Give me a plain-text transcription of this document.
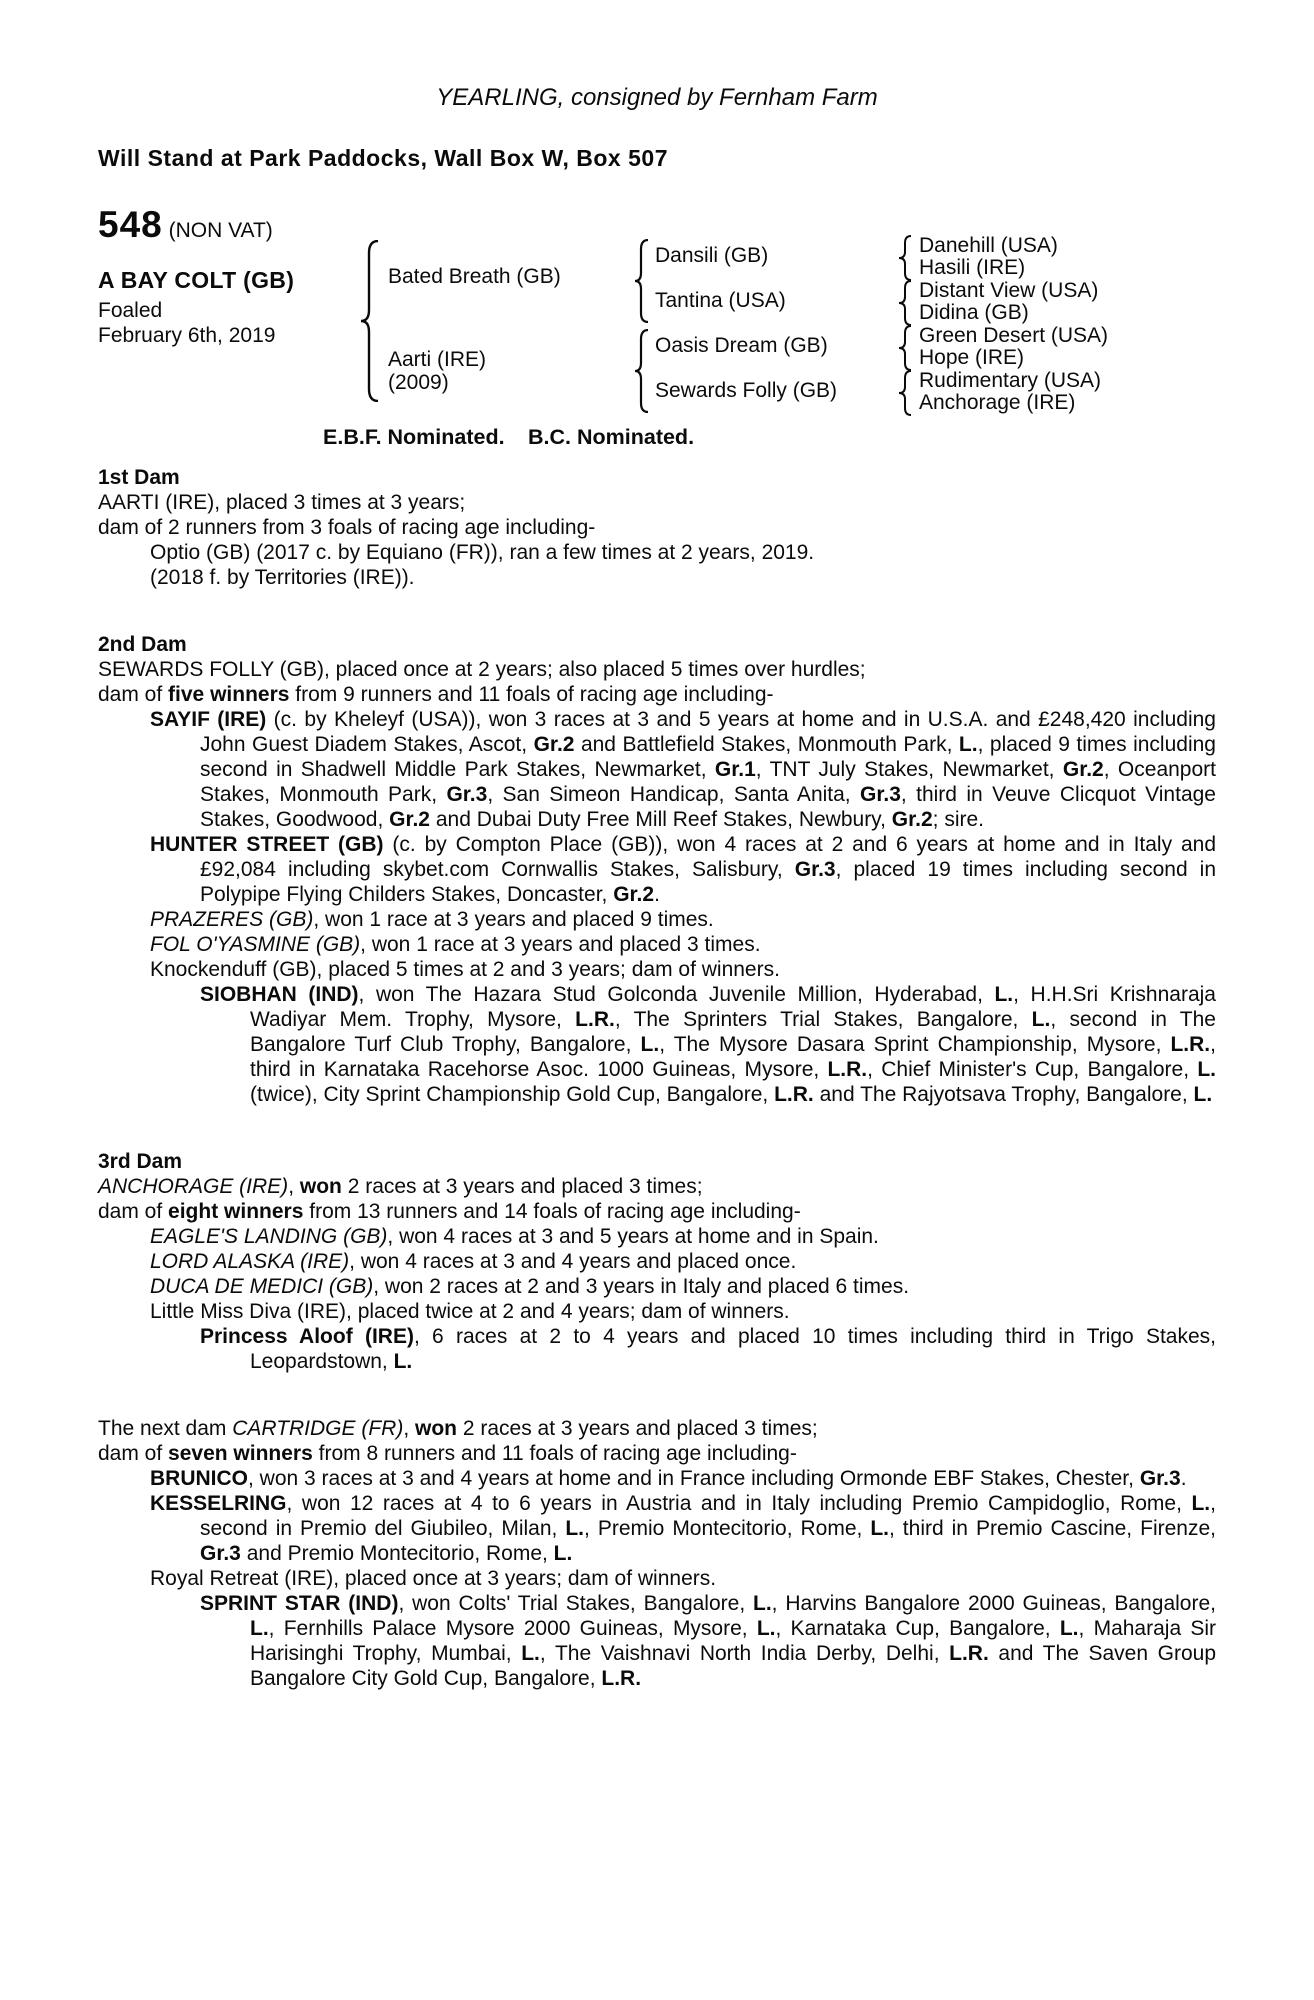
YEARLING, consigned by Fernham Farm
Will Stand at Park Paddocks, Wall Box W, Box 507
548 (NON VAT)
A BAY COLT (GB)
Foaled
February 6th, 2019
Bated Breath (GB)
Aarti (IRE)
(2009)
Dansili (GB)
Tantina (USA)
Oasis Dream (GB)
Sewards Folly (GB)
Danehill (USA)
Hasili (IRE)
Distant View (USA)
Didina (GB)
Green Desert (USA)
Hope (IRE)
Rudimentary (USA)
Anchorage (IRE)
E.B.F. Nominated. B.C. Nominated.
1st Dam

AARTI (IRE), placed 3 times at 3 years;

dam of 2 runners from 3 foals of racing age including-

Optio (GB) (2017 c. by Equiano (FR)), ran a few times at 2 years, 2019.

(2018 f. by Territories (IRE)).

2nd Dam

SEWARDS FOLLY (GB), placed once at 2 years; also placed 5 times over hurdles;

dam of five winners from 9 runners and 11 foals of racing age including-

SAYIF (IRE) (c. by Kheleyf (USA)), won 3 races at 3 and 5 years at home and in U.S.A. and £248,420 including John Guest Diadem Stakes, Ascot, Gr.2 and Battlefield Stakes, Monmouth Park, L., placed 9 times including second in Shadwell Middle Park Stakes, Newmarket, Gr.1, TNT July Stakes, Newmarket, Gr.2, Oceanport Stakes, Monmouth Park, Gr.3, San Simeon Handicap, Santa Anita, Gr.3, third in Veuve Clicquot Vintage Stakes, Goodwood, Gr.2 and Dubai Duty Free Mill Reef Stakes, Newbury, Gr.2; sire.

HUNTER STREET (GB) (c. by Compton Place (GB)), won 4 races at 2 and 6 years at home and in Italy and £92,084 including skybet.com Cornwallis Stakes, Salisbury, Gr.3, placed 19 times including second in Polypipe Flying Childers Stakes, Doncaster, Gr.2.

PRAZERES (GB), won 1 race at 3 years and placed 9 times.

FOL O'YASMINE (GB), won 1 race at 3 years and placed 3 times.

Knockenduff (GB), placed 5 times at 2 and 3 years; dam of winners.

SIOBHAN (IND), won The Hazara Stud Golconda Juvenile Million, Hyderabad, L., H.H.Sri Krishnaraja Wadiyar Mem. Trophy, Mysore, L.R., The Sprinters Trial Stakes, Bangalore, L., second in The Bangalore Turf Club Trophy, Bangalore, L., The Mysore Dasara Sprint Championship, Mysore, L.R., third in Karnataka Racehorse Asoc. 1000 Guineas, Mysore, L.R., Chief Minister's Cup, Bangalore, L. (twice), City Sprint Championship Gold Cup, Bangalore, L.R. and The Rajyotsava Trophy, Bangalore, L.

3rd Dam

ANCHORAGE (IRE), won 2 races at 3 years and placed 3 times;

dam of eight winners from 13 runners and 14 foals of racing age including-

EAGLE'S LANDING (GB), won 4 races at 3 and 5 years at home and in Spain.

LORD ALASKA (IRE), won 4 races at 3 and 4 years and placed once.

DUCA DE MEDICI (GB), won 2 races at 2 and 3 years in Italy and placed 6 times.

Little Miss Diva (IRE), placed twice at 2 and 4 years; dam of winners.

Princess Aloof (IRE), 6 races at 2 to 4 years and placed 10 times including third in Trigo Stakes, Leopardstown, L.

The next dam CARTRIDGE (FR), won 2 races at 3 years and placed 3 times;

dam of seven winners from 8 runners and 11 foals of racing age including-

BRUNICO, won 3 races at 3 and 4 years at home and in France including Ormonde EBF Stakes, Chester, Gr.3.

KESSELRING, won 12 races at 4 to 6 years in Austria and in Italy including Premio Campidoglio, Rome, L., second in Premio del Giubileo, Milan, L., Premio Montecitorio, Rome, L., third in Premio Cascine, Firenze, Gr.3 and Premio Montecitorio, Rome, L.

Royal Retreat (IRE), placed once at 3 years; dam of winners.

SPRINT STAR (IND), won Colts' Trial Stakes, Bangalore, L., Harvins Bangalore 2000 Guineas, Bangalore, L., Fernhills Palace Mysore 2000 Guineas, Mysore, L., Karnataka Cup, Bangalore, L., Maharaja Sir Harisinghi Trophy, Mumbai, L., The Vaishnavi North India Derby, Delhi, L.R. and The Saven Group Bangalore City Gold Cup, Bangalore, L.R.
